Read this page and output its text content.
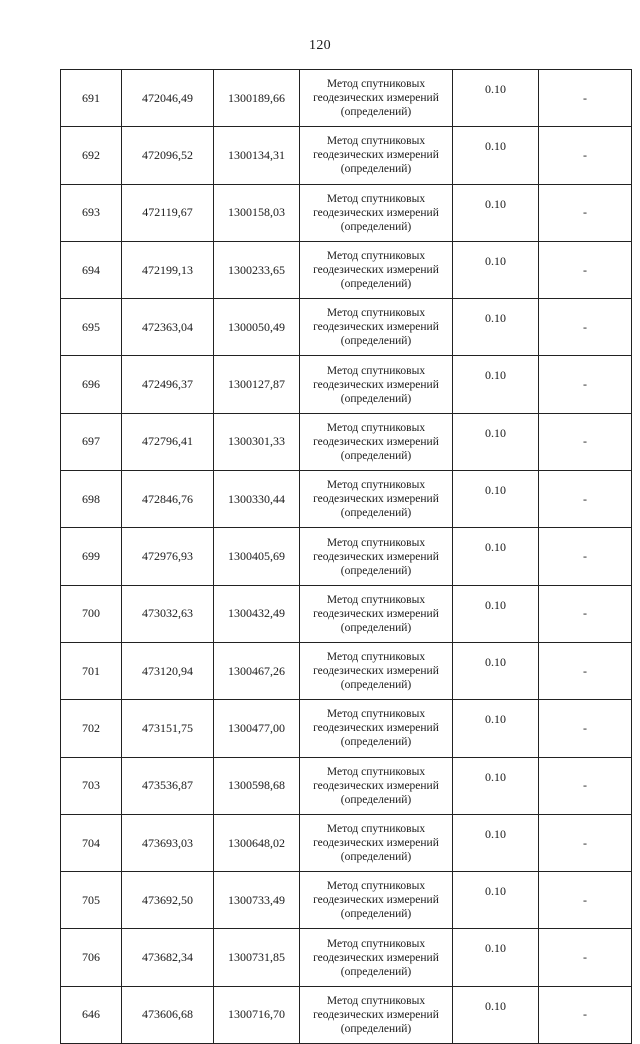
120
691	472046,49	1300189,66	Метод спутниковых
геодезических измерений
(определений)	0.10	-
692	472096,52	1300134,31	Метод спутниковых
геодезических измерений
(определений)	0.10	-
693	472119,67	1300158,03	Метод спутниковых
геодезических измерений
(определений)	0.10	-
694	472199,13	1300233,65	Метод спутниковых
геодезических измерений
(определений)	0.10	-
695	472363,04	1300050,49	Метод спутниковых
геодезических измерений
(определений)	0.10	-
696	472496,37	1300127,87	Метод спутниковых
геодезических измерений
(определений)	0.10	-
697	472796,41	1300301,33	Метод спутниковых
геодезических измерений
(определений)	0.10	-
698	472846,76	1300330,44	Метод спутниковых
геодезических измерений
(определений)	0.10	-
699	472976,93	1300405,69	Метод спутниковых
геодезических измерений
(определений)	0.10	-
700	473032,63	1300432,49	Метод спутниковых
геодезических измерений
(определений)	0.10	-
701	473120,94	1300467,26	Метод спутниковых
геодезических измерений
(определений)	0.10	-
702	473151,75	1300477,00	Метод спутниковых
геодезических измерений
(определений)	0.10	-
703	473536,87	1300598,68	Метод спутниковых
геодезических измерений
(определений)	0.10	-
704	473693,03	1300648,02	Метод спутниковых
геодезических измерений
(определений)	0.10	-
705	473692,50	1300733,49	Метод спутниковых
геодезических измерений
(определений)	0.10	-
706	473682,34	1300731,85	Метод спутниковых
геодезических измерений
(определений)	0.10	-
646	473606,68	1300716,70	Метод спутниковых
геодезических измерений
(определений)	0.10	-
